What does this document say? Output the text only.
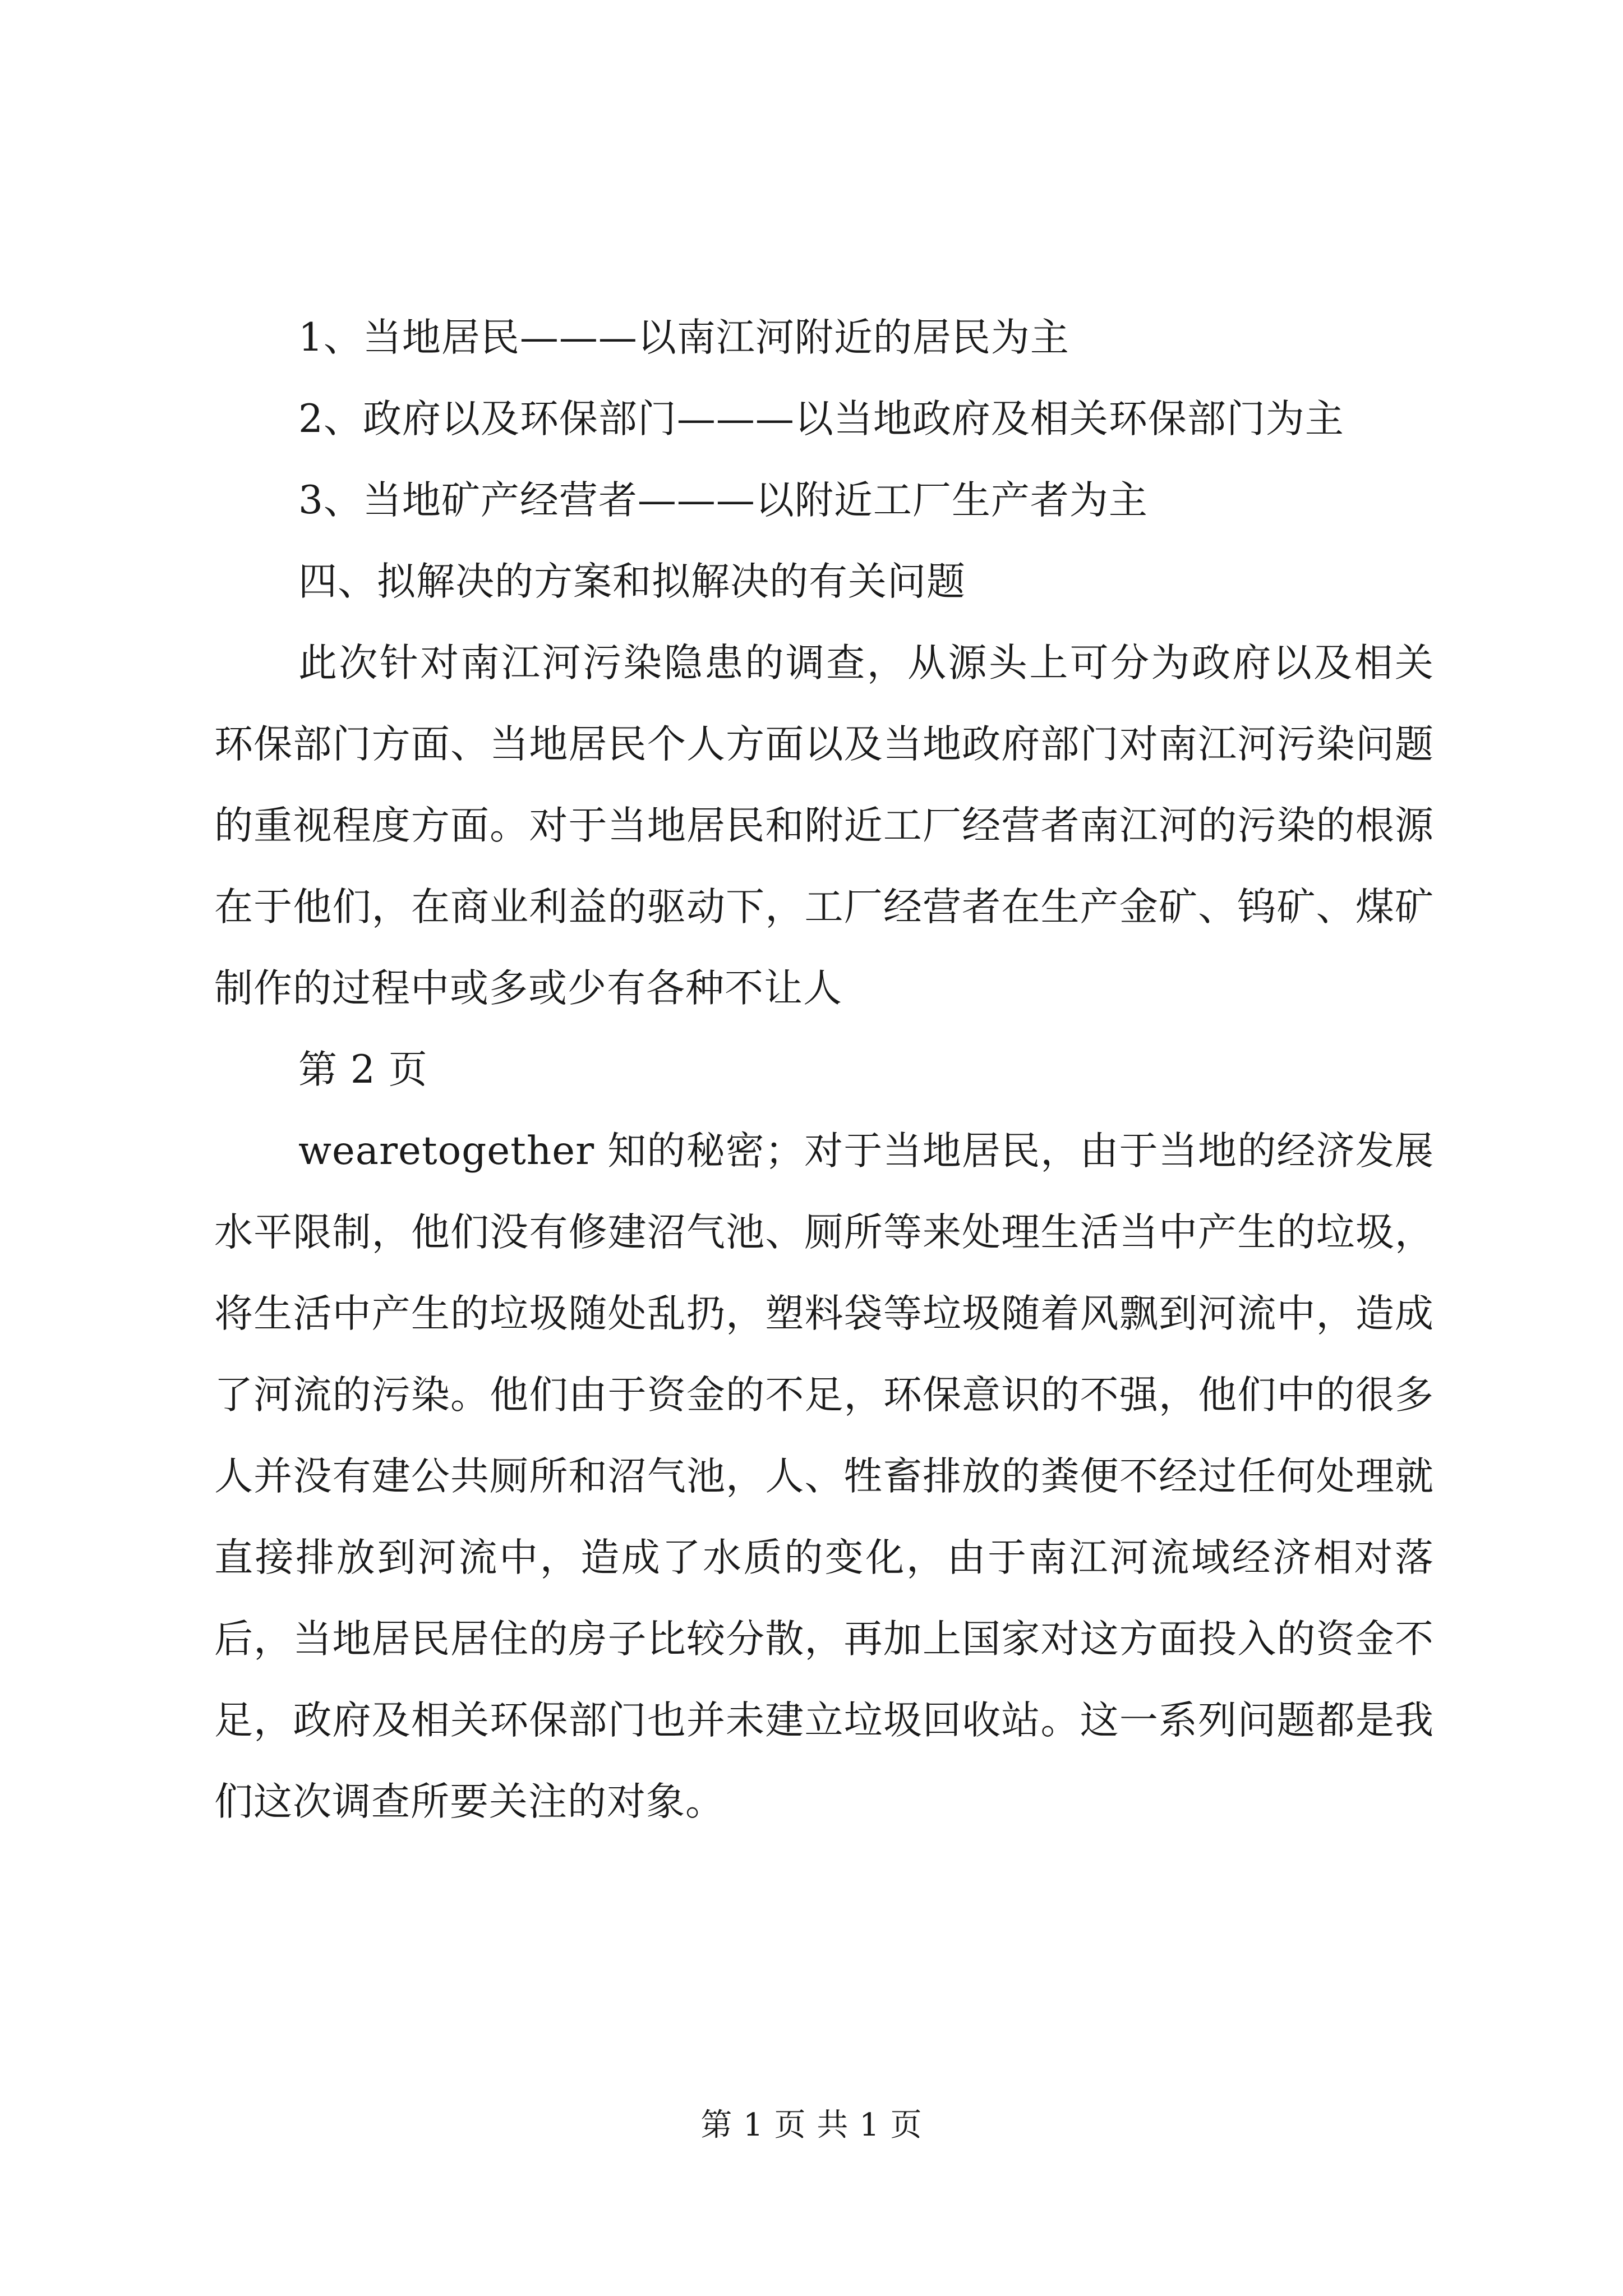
1、当地居民———以南江河附近的居民为主

2、政府以及环保部门———以当地政府及相关环保部门为主

3、当地矿产经营者———以附近工厂生产者为主

四、拟解决的方案和拟解决的有关问题

此次针对南江河污染隐患的调查，从源头上可分为政府以及相关环保部门方面、当地居民个人方面以及当地政府部门对南江河污染问题的重视程度方面。对于当地居民和附近工厂经营者南江河的污染的根源在于他们，在商业利益的驱动下，工厂经营者在生产金矿、钨矿、煤矿制作的过程中或多或少有各种不让人

第 2 页

wearetogether 知的秘密；对于当地居民，由于当地的经济发展水平限制，他们没有修建沼气池、厕所等来处理生活当中产生的垃圾，将生活中产生的垃圾随处乱扔，塑料袋等垃圾随着风飘到河流中，造成了河流的污染。他们由于资金的不足，环保意识的不强，他们中的很多人并没有建公共厕所和沼气池，人、牲畜排放的粪便不经过任何处理就直接排放到河流中，造成了水质的变化，由于南江河流域经济相对落后，当地居民居住的房子比较分散，再加上国家对这方面投入的资金不足，政府及相关环保部门也并未建立垃圾回收站。这一系列问题都是我们这次调查所要关注的对象。

第 1 页 共 1 页
